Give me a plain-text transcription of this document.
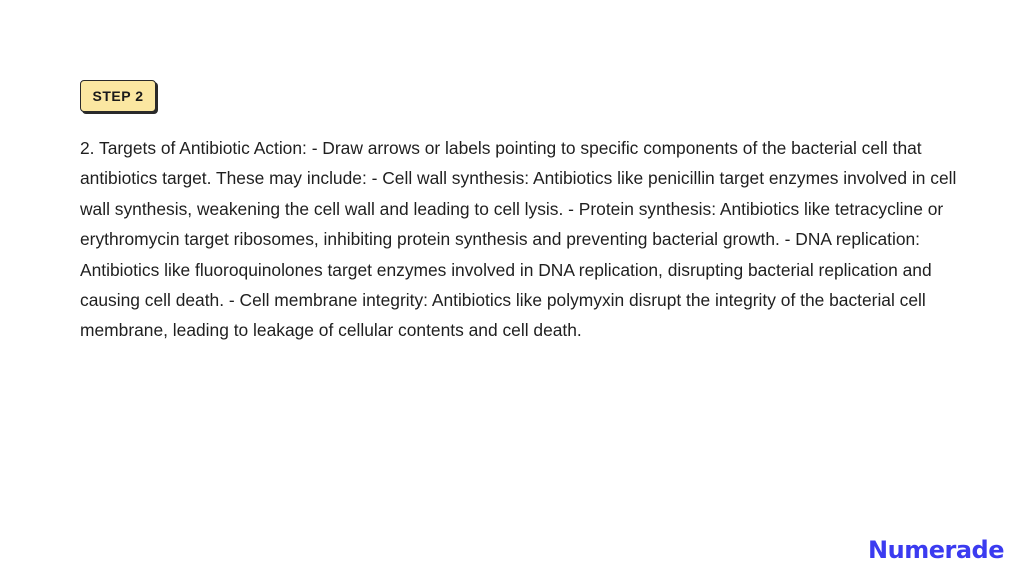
STEP 2

2. Targets of Antibiotic Action: - Draw arrows or labels pointing to specific components of the bacterial cell that antibiotics target. These may include: - Cell wall synthesis: Antibiotics like penicillin target enzymes involved in cell wall synthesis, weakening the cell wall and leading to cell lysis. - Protein synthesis: Antibiotics like tetracycline or erythromycin target ribosomes, inhibiting protein synthesis and preventing bacterial growth. - DNA replication: Antibiotics like fluoroquinolones target enzymes involved in DNA replication, disrupting bacterial replication and causing cell death. - Cell membrane integrity: Antibiotics like polymyxin disrupt the integrity of the bacterial cell membrane, leading to leakage of cellular contents and cell death.

Numerade
